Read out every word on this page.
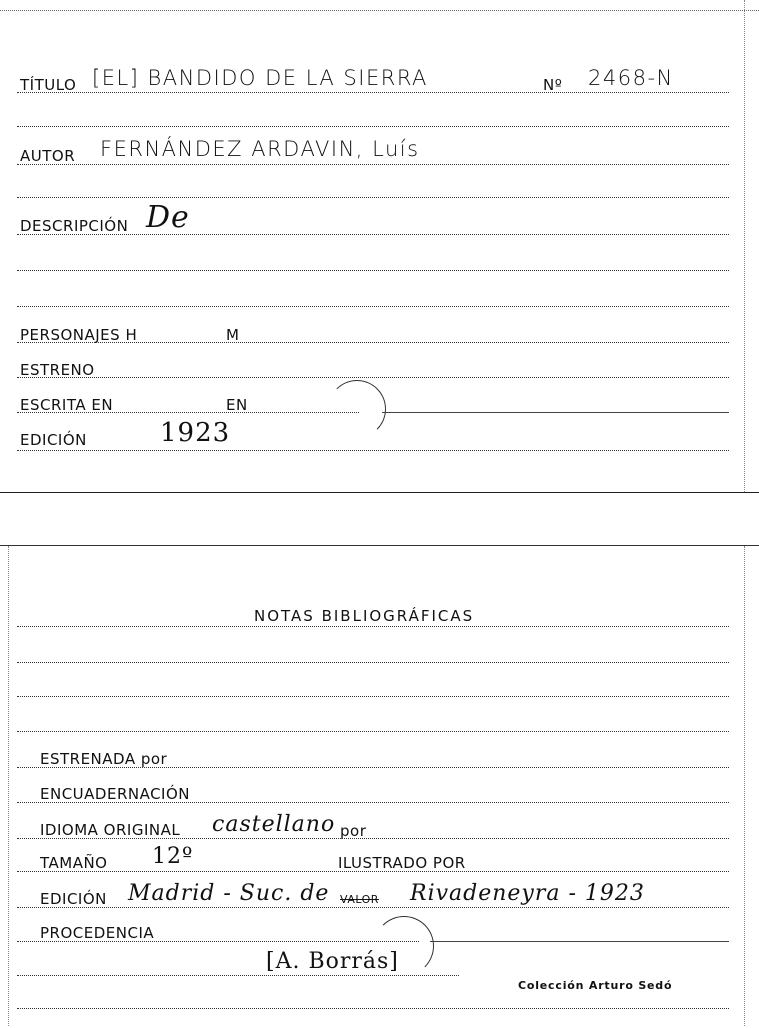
TÍTULO [EL] BANDIDO DE LA SIERRA	Nº 2468-N
AUTOR FERNÁNDEZ ARDAVIN, Luís
DESCRIPCIÓN De
PERSONAJES H	M
ESTRENO
ESCRITA EN	EN
EDICIÓN	1923
NOTAS BIBLIOGRÁFICAS
ESTRENADA por
ENCUADERNACIÓN
IDIOMA ORIGINAL castellano por
TAMAÑO 12º	ILUSTRADO POR
EDICIÓN Madrid - Suc. de VALOR Rivadeneyra - 1923
PROCEDENCIA
[A. Borrás]
Colección Arturo Sedó
